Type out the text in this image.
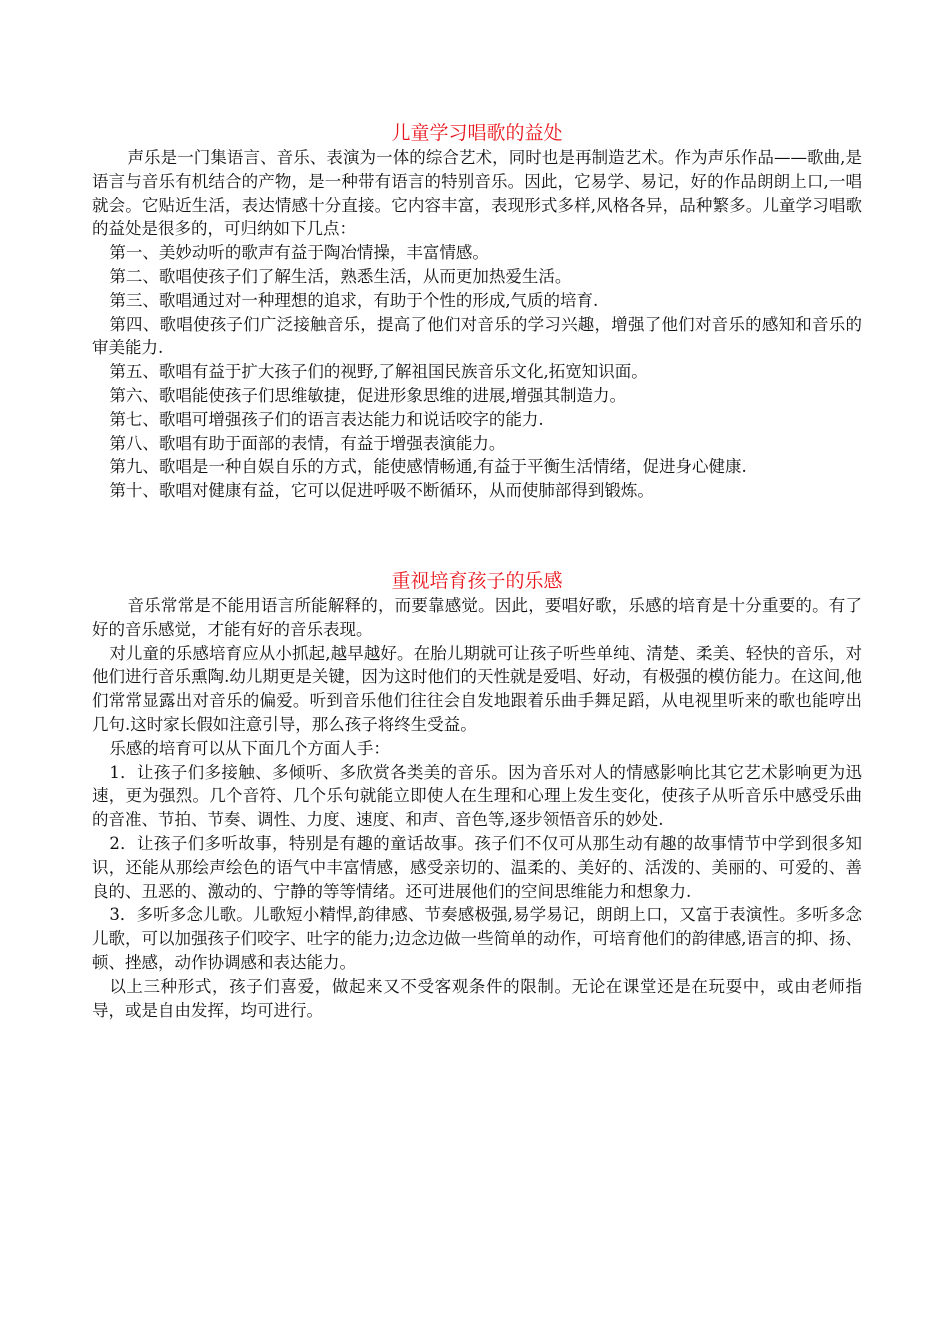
儿童学习唱歌的益处

声乐是一门集语言、音乐、表演为一体的综合艺术，同时也是再制造艺术。作为声乐作品——歌曲,是语言与音乐有机结合的产物，是一种带有语言的特别音乐。因此，它易学、易记，好的作品朗朗上口,一唱就会。它贴近生活，表达情感十分直接。它内容丰富，表现形式多样,风格各异，品种繁多。儿童学习唱歌的益处是很多的，可归纳如下几点：

第一、美妙动听的歌声有益于陶冶情操，丰富情感。

第二、歌唱使孩子们了解生活，熟悉生活，从而更加热爱生活。

第三、歌唱通过对一种理想的追求，有助于个性的形成,气质的培育.

第四、歌唱使孩子们广泛接触音乐，提高了他们对音乐的学习兴趣，增强了他们对音乐的感知和音乐的审美能力.

第五、歌唱有益于扩大孩子们的视野,了解祖国民族音乐文化,拓宽知识面。

第六、歌唱能使孩子们思维敏捷，促进形象思维的进展,增强其制造力。

第七、歌唱可增强孩子们的语言表达能力和说话咬字的能力.

第八、歌唱有助于面部的表情，有益于增强表演能力。

第九、歌唱是一种自娱自乐的方式，能使感情畅通,有益于平衡生活情绪，促进身心健康.

第十、歌唱对健康有益，它可以促进呼吸不断循环，从而使肺部得到锻炼。

重视培育孩子的乐感

音乐常常是不能用语言所能解释的，而要靠感觉。因此，要唱好歌，乐感的培育是十分重要的。有了好的音乐感觉，才能有好的音乐表现。

对儿童的乐感培育应从小抓起,越早越好。在胎儿期就可让孩子听些单纯、清楚、柔美、轻快的音乐，对他们进行音乐熏陶.幼儿期更是关键，因为这时他们的天性就是爱唱、好动，有极强的模仿能力。在这间,他们常常显露出对音乐的偏爱。听到音乐他们往往会自发地跟着乐曲手舞足蹈，从电视里听来的歌也能哼出几句.这时家长假如注意引导，那么孩子将终生受益。

乐感的培育可以从下面几个方面人手：

1．让孩子们多接触、多倾听、多欣赏各类美的音乐。因为音乐对人的情感影响比其它艺术影响更为迅速，更为强烈。几个音符、几个乐句就能立即使人在生理和心理上发生变化，使孩子从听音乐中感受乐曲的音准、节拍、节奏、调性、力度、速度、和声、音色等,逐步领悟音乐的妙处.

2．让孩子们多听故事，特别是有趣的童话故事。孩子们不仅可从那生动有趣的故事情节中学到很多知识，还能从那绘声绘色的语气中丰富情感，感受亲切的、温柔的、美好的、活泼的、美丽的、可爱的、善良的、丑恶的、激动的、宁静的等等情绪。还可进展他们的空间思维能力和想象力.

3．多听多念儿歌。儿歌短小精悍,韵律感、节奏感极强,易学易记，朗朗上口，又富于表演性。多听多念儿歌，可以加强孩子们咬字、吐字的能力;边念边做一些简单的动作，可培育他们的韵律感,语言的抑、扬、顿、挫感，动作协调感和表达能力。

以上三种形式，孩子们喜爱，做起来又不受客观条件的限制。无论在课堂还是在玩耍中，或由老师指导，或是自由发挥，均可进行。
